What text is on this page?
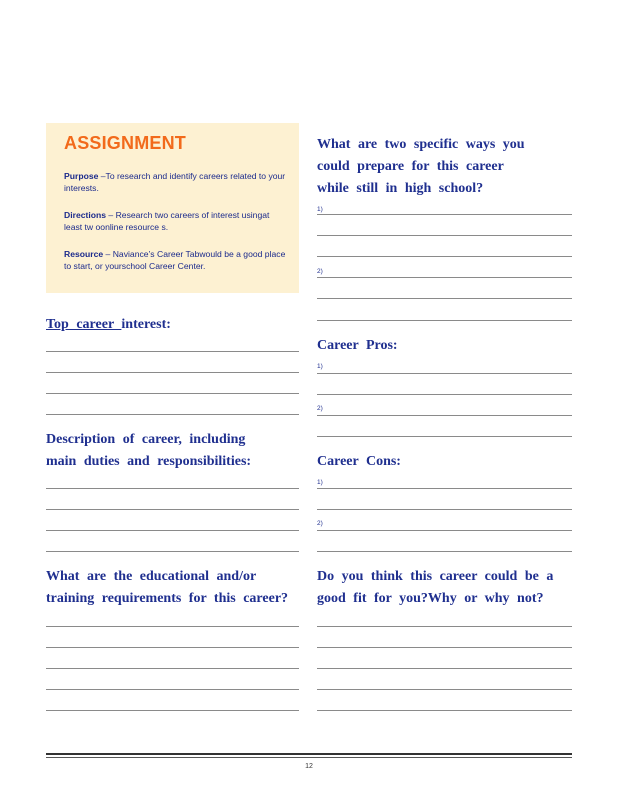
ASSIGNMENT
Purpose –To research and identify careers related to your interests.
Directions – Research two careers of interest usingat least tw oonline resource s.
Resource – Naviance’s Career Tabwould be a good place to start, or yourschool Career Center.
Top career interest:
Description of career, including
main duties and responsibilities:
What are the educational and/or
training requirements for this career?
What are two specific ways you
could prepare for this career
while still in high school?
1)
2)
Career Pros:
1)
2)
Career Cons:
1)
2)
Do you think this career could be a
good fit for you?Why or why not?
12
